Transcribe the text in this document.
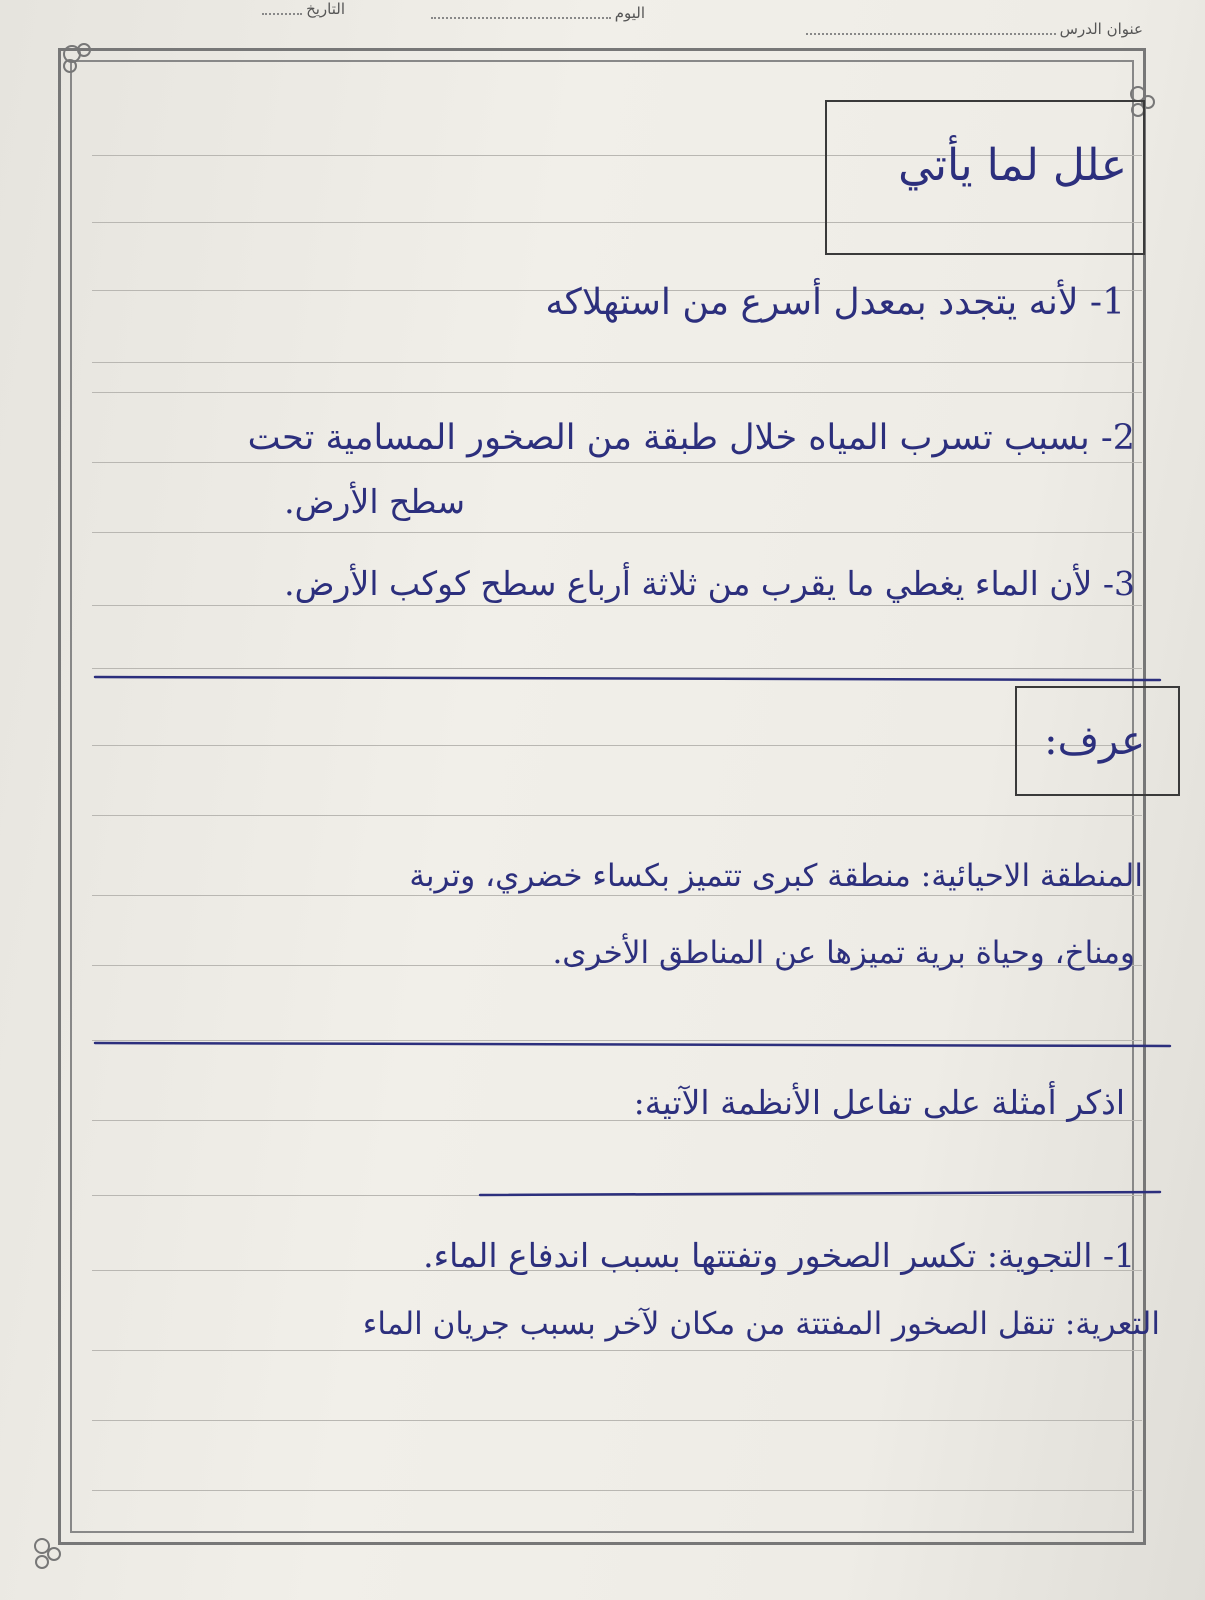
عنوان الدرس
اليوم
التاريخ
علل لما يأتي
1- لأنه يتجدد بمعدل أسرع من استهلاكه
2- بسبب تسرب المياه خلال طبقة من الصخور المسامية تحت
سطح الأرض.
3- لأن الماء يغطي ما يقرب من ثلاثة أرباع سطح كوكب الأرض.
عرف:
المنطقة الاحيائية: منطقة كبرى تتميز بكساء خضري، وتربة
ومناخ، وحياة برية تميزها عن المناطق الأخرى.
اذكر أمثلة على تفاعل الأنظمة الآتية:
1- التجوية: تكسر الصخور وتفتتها بسبب اندفاع الماء.
التعرية: تنقل الصخور المفتتة من مكان لآخر بسبب جريان الماء
